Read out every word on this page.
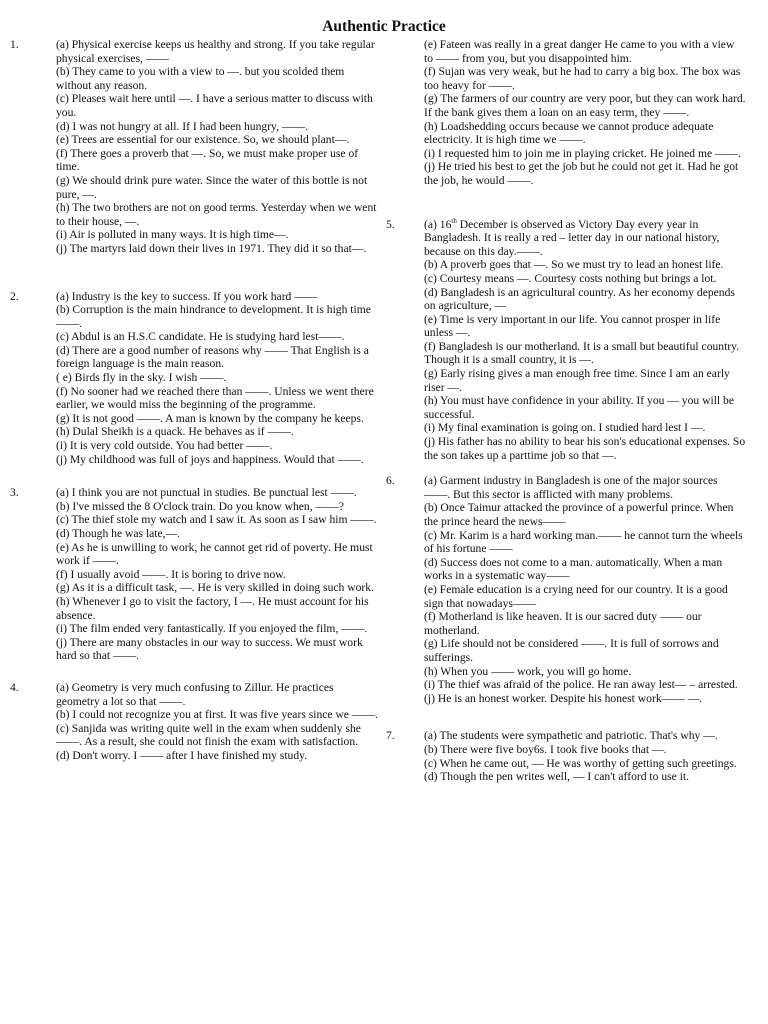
Authentic Practice
1.	(a) Physical exercise keeps us healthy and strong. If you take regular physical exercises, ——

(b) They came to you with a view to —. but you scolded them without any reason.

(c) Pleases wait here until —. I have a serious matter to discuss with you.

(d) I was not hungry at all. If I had been hungry, ——.

(e) Trees are essential for our existence. So, we should plant—.

(f) There goes a proverb that —. So, we must make proper use of time.

(g) We should drink pure water. Since the water of this bottle is not pure, —.

(h) The two brothers are not on good terms. Yesterday when we went to their house, —.

(i) Air is polluted in many ways. It is high time—.

(j) The martyrs laid down their lives in 1971. They did it so that—.

2.	(a) Industry is the key to success. If you work hard ——

(b) Corruption is the main hindrance to development. It is high time——.

(c) Abdul is an H.S.C candidate. He is studying hard lest——.

(d) There are a good number of reasons why —— That English is a foreign language is the main reason.

( e) Birds fly in the sky. I wish ——.

(f) No sooner had we reached there than ——. Unless we went there earlier, we would miss the beginning of the programme.

(g) It is not good ——. A man is known by the company he keeps.

(h) Dulal Sheikh is a quack. He behaves as if ——.

(i) It is very cold outside. You had better ——.

(j) My childhood was full of joys and happiness. Would that ——.

3.	(a) I think you are not punctual in studies. Be punctual lest ——.

(b) I've missed the 8 O'clock train. Do you know when, ——?

(c) The thief stole my watch and I saw it. As soon as I saw him ——.

(d) Though he was late,—.

(e) As he is unwilling to work, he cannot get rid of poverty. He must work if ——.

(f) I usually avoid ——. It is boring to drive now.

(g) As it is a difficult task, —. He is very skilled in doing such work.

(h) Whenever I go to visit the factory, I —. He must account for his absence.

(i) The film ended very fantastically. If you enjoyed the film, ——.

(j) There are many obstacles in our way to success. We must work hard so that ——.

4.	(a) Geometry is very much confusing to Zillur. He practices geometry a lot so that ——.

(b) I could not recognize you at first. It was five years since we ——.

(c) Sanjida was writing quite well in the exam when suddenly she ——. As a result, she could not finish the exam with satisfaction.

(d) Don't worry. I —— after I have finished my study.

(e) Fateen was really in a great danger He came to you with a view to —— from you, but you disappointed him.

(f) Sujan was very weak, but he had to carry a big box. The box was too heavy for ——.

(g) The farmers of our country are very poor, but they can work hard. If the bank gives them a loan on an easy term, they ——.

(h) Loadshedding occurs because we cannot produce adequate electricity. It is high time we ——.

(i) I requested him to join me in playing cricket. He joined me ——.

(j) He tried his best to get the job but he could not get it. Had he got the job, he would ——.

5.	(a) 16th December is observed as Victory Day every year in Bangladesh. It is really a red – letter day in our national history, because on this day.——.

(b) A proverb goes that —. So we must try to lead an honest life.

(c) Courtesy means —. Courtesy costs nothing but brings a lot.

(d) Bangladesh is an agricultural country. As her economy depends on agriculture, —

(e) Time is very important in our life. You cannot prosper in life unless —.

(f) Bangladesh is our motherland. It is a small but beautiful country. Though it is a small country, it is —.

(g) Early rising gives a man enough free time. Since I am an early riser —.

(h) You must have confidence in your ability. If you — you will be successful.

(i) My final examination is going on. I studied hard lest I —.

(j) His father has no ability to bear his son's educational expenses. So the son takes up a parttime job so that —.

6.	(a) Garment industry in Bangladesh is one of the major sources ——. But this sector is afflicted with many problems.

(b) Once Taimur attacked the province of a powerful prince. When the prince heard the news——

(c) Mr. Karim is a hard working man.—— he cannot turn the wheels of his fortune ——

(d) Success does not come to a man. automatically. When a man works in a systematic way——

(e) Female education is a crying need for our country. It is a good sign that nowadays——

(f) Motherland is like heaven. It is our sacred duty —— our motherland.

(g) Life should not be considered ——. It is full of sorrows and sufferings.

(h) When you —— work, you will go home.

(i) The thief was afraid of the police. He ran away lest— – arrested.

(j) He is an honest worker. Despite his honest work—— —.

7.	(a) The students were sympathetic and patriotic. That's why —.

(b) There were five boy6s. I took five books that —.

(c) When he came out, — He was worthy of getting such greetings.

(d) Though the pen writes well, — I can't afford to use it.
